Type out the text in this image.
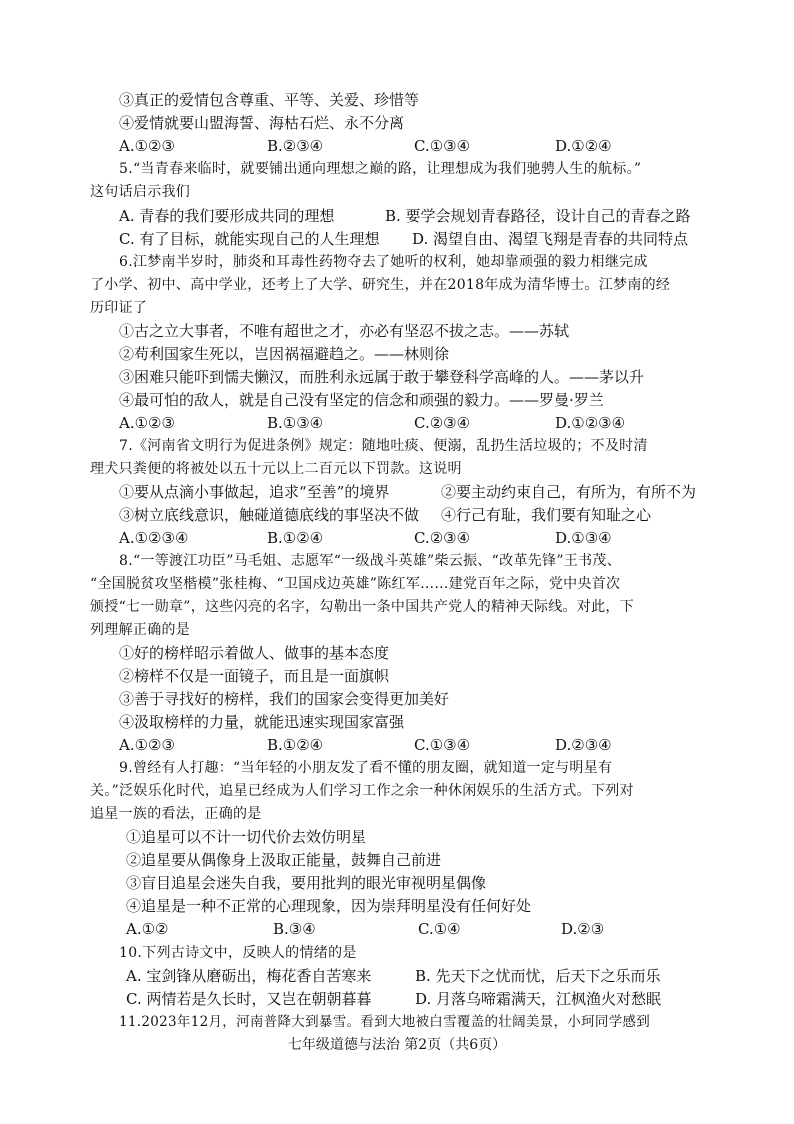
③真正的爱情包含尊重、平等、关爱、珍惜等
④爱情就要山盟海誓、海枯石烂、永不分离
A.①②③	B.②③④	C.①③④	D.①②④
5.“当青春来临时，就要铺出通向理想之巅的路，让理想成为我们驰骋人生的航标。”
这句话启示我们
A. 青春的我们要形成共同的理想	B. 要学会规划青春路径，设计自己的青春之路
C. 有了目标，就能实现自己的人生理想 D. 渴望自由、渴望飞翔是青春的共同特点
6.江梦南半岁时，肺炎和耳毒性药物夺去了她听的权利，她却靠顽强的毅力相继完成
了小学、初中、高中学业，还考上了大学、研究生，并在2018年成为清华博士。江梦南的经
历印证了
①古之立大事者，不唯有超世之才，亦必有坚忍不拔之志。——苏轼
②苟利国家生死以，岂因祸福避趋之。——林则徐
③困难只能吓到懦夫懒汉，而胜利永远属于敢于攀登科学高峰的人。——茅以升
④最可怕的敌人，就是自己没有坚定的信念和顽强的毅力。——罗曼·罗兰
A.①②③	B.①③④	C.②③④	D.①②③④
7.《河南省文明行为促进条例》规定：随地吐痰、便溺，乱扔生活垃圾的；不及时清
理犬只粪便的将被处以五十元以上二百元以下罚款。这说明
①要从点滴小事做起，追求“至善”的境界	②要主动约束自己，有所为，有所不为
③树立底线意识，触碰道德底线的事坚决不做 ④行己有耻，我们要有知耻之心
A.①②③④	B.①②④	C.②③④	D.①③④
8.“一等渡江功臣”马毛姐、志愿军“一级战斗英雄”柴云振、“改革先锋”王书茂、
“全国脱贫攻坚楷模”张桂梅、“卫国戍边英雄”陈红军……建党百年之际，党中央首次
颁授“七一勋章”，这些闪亮的名字，勾勒出一条中国共产党人的精神天际线。对此，下
列理解正确的是
①好的榜样昭示着做人、做事的基本态度
②榜样不仅是一面镜子，而且是一面旗帜
③善于寻找好的榜样，我们的国家会变得更加美好
④汲取榜样的力量，就能迅速实现国家富强
A.①②③	B.①②④	C.①③④	D.②③④
9.曾经有人打趣：“当年轻的小朋友发了看不懂的朋友圈，就知道一定与明星有
关。”泛娱乐化时代，追星已经成为人们学习工作之余一种休闲娱乐的生活方式。下列对
追星一族的看法，正确的是
①追星可以不计一切代价去效仿明星
②追星要从偶像身上汲取正能量，鼓舞自己前进
③盲目追星会迷失自我，要用批判的眼光审视明星偶像
④追星是一种不正常的心理现象，因为崇拜明星没有任何好处
A.①②	B.③④	C.①④	D.②③
10.下列古诗文中，反映人的情绪的是
A. 宝剑锋从磨砺出，梅花香自苦寒来	B. 先天下之忧而忧，后天下之乐而乐
C. 两情若是久长时，又岂在朝朝暮暮	D. 月落乌啼霜满天，江枫渔火对愁眠
11.2023年12月，河南普降大到暴雪。看到大地被白雪覆盖的壮阔美景，小珂同学感到
七年级道德与法治 第2页（共6页）
